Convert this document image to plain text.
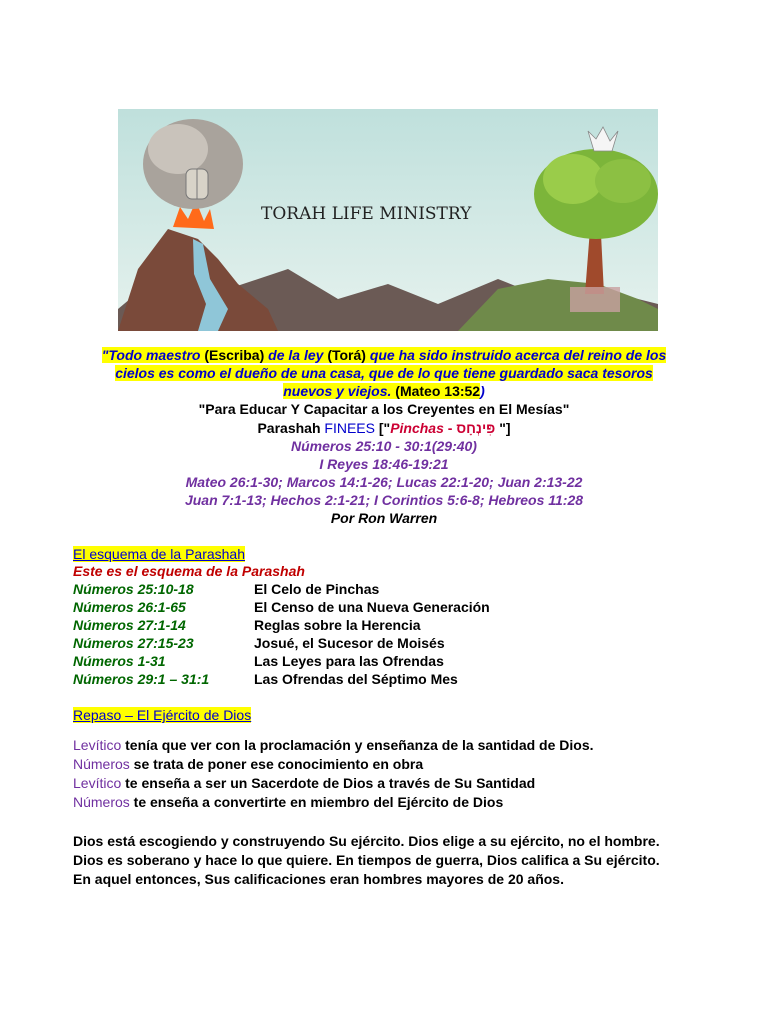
TORAH LIFE MINISTRY
"Todo maestro (Escriba) de la ley (Torá) que ha sido instruido acerca del reino de los
cielos es como el dueño de una casa, que de lo que tiene guardado saca tesoros
nuevos y viejos. (Mateo 13:52)
"Para Educar Y Capacitar a los Creyentes en El Mesías"
Parashah FINEES ["Pinchas - פִּינְחָס "]
Números 25:10 - 30:1(29:40)
I Reyes 18:46-19:21
Mateo 26:1-30; Marcos 14:1-26; Lucas 22:1-20; Juan 2:13-22
Juan 7:1-13; Hechos 2:1-21; I Corintios 5:6-8; Hebreos 11:28
Por Ron Warren
El esquema de la Parashah
Este es el esquema de la Parashah
Números 25:10-18	El Celo de Pinchas
Números 26:1-65	El Censo de una Nueva Generación
Números 27:1-14	Reglas sobre la Herencia
Números 27:15-23	Josué, el Sucesor de Moisés
Números 1-31	Las Leyes para las Ofrendas
Números 29:1 – 31:1	Las Ofrendas del Séptimo Mes
Repaso – El Ejército de Dios
Levítico tenía que ver con la proclamación y enseñanza de la santidad de Dios.
Números se trata de poner ese conocimiento en obra
Levítico te enseña a ser un Sacerdote de Dios a través de Su Santidad
Números te enseña a convertirte en miembro del Ejército de Dios
Dios está escogiendo y construyendo Su ejército. Dios elige a su ejército, no el hombre.
Dios es soberano y hace lo que quiere. En tiempos de guerra, Dios califica a Su ejército.
En aquel entonces, Sus calificaciones eran hombres mayores de 20 años.
